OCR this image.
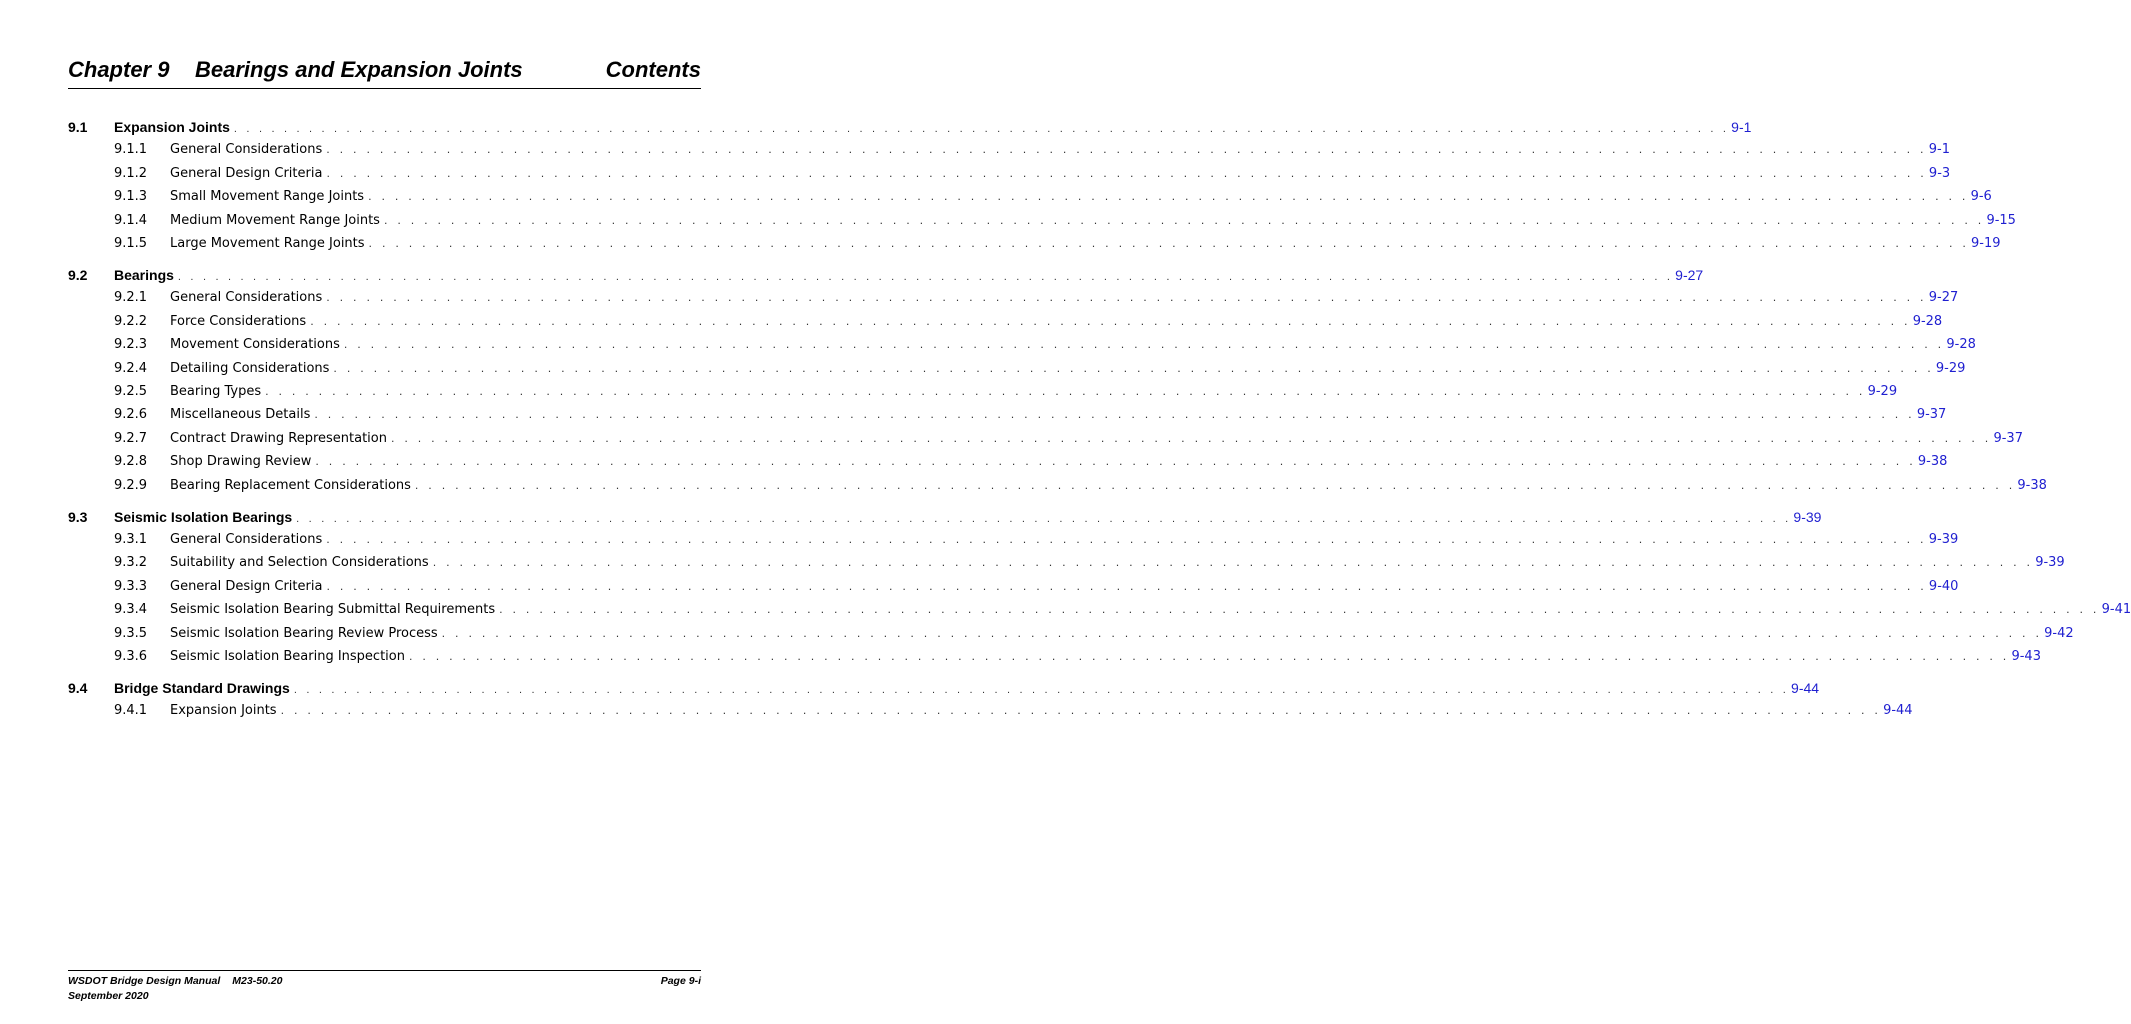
Chapter 9 Bearings and Expansion Joints	Contents
9.1 Expansion Joints . . . . . . . . . . . . . . . . . . . . . . . . . . . . . . . . . . . . . . . . . . . . . . . . . . . . . . . . . . . . . . . . . . . . . . . . . . . . . . . . . . . . . . . . . . . . . . . . . . . . . . . . . . . . . . . . . . . . . . . . 9-1
9.1.1 General Considerations . . . . . . . . . . . . . . . . . . . . . . . . . . . . . . . . . . . . . . . . . . . . . . . . . . . . . . . . . . . . . . . . . . . . . . . . . . . . . . . . . . . . . . . . . . . . . . . . . . . . . . . . . . . . . . . . . . . . . . . . 9-1
9.1.2 General Design Criteria . . . . . . . . . . . . . . . . . . . . . . . . . . . . . . . . . . . . . . . . . . . . . . . . . . . . . . . . . . . . . . . . . . . . . . . . . . . . . . . . . . . . . . . . . . . . . . . . . . . . . . . . . . . . . . . . . . . . . . . . 9-3
9.1.3 Small Movement Range Joints . . . . . . . . . . . . . . . . . . . . . . . . . . . . . . . . . . . . . . . . . . . . . . . . . . . . . . . . . . . . . . . . . . . . . . . . . . . . . . . . . . . . . . . . . . . . . . . . . . . . . . . . . . . . . . . . . . . . . . . . 9-6
9.1.4 Medium Movement Range Joints . . . . . . . . . . . . . . . . . . . . . . . . . . . . . . . . . . . . . . . . . . . . . . . . . . . . . . . . . . . . . . . . . . . . . . . . . . . . . . . . . . . . . . . . . . . . . . . . . . . . . . . . . . . . . . . . . . . . . . . . 9-15
9.1.5 Large Movement Range Joints . . . . . . . . . . . . . . . . . . . . . . . . . . . . . . . . . . . . . . . . . . . . . . . . . . . . . . . . . . . . . . . . . . . . . . . . . . . . . . . . . . . . . . . . . . . . . . . . . . . . . . . . . . . . . . . . . . . . . . . . 9-19
9.2 Bearings . . . . . . . . . . . . . . . . . . . . . . . . . . . . . . . . . . . . . . . . . . . . . . . . . . . . . . . . . . . . . . . . . . . . . . . . . . . . . . . . . . . . . . . . . . . . . . . . . . . . . . . . . . . . . . . . . . . . . . . . 9-27
9.2.1 General Considerations . . . . . . . . . . . . . . . . . . . . . . . . . . . . . . . . . . . . . . . . . . . . . . . . . . . . . . . . . . . . . . . . . . . . . . . . . . . . . . . . . . . . . . . . . . . . . . . . . . . . . . . . . . . . . . . . . . . . . . . . 9-27
9.2.2 Force Considerations . . . . . . . . . . . . . . . . . . . . . . . . . . . . . . . . . . . . . . . . . . . . . . . . . . . . . . . . . . . . . . . . . . . . . . . . . . . . . . . . . . . . . . . . . . . . . . . . . . . . . . . . . . . . . . . . . . . . . . . . 9-28
9.2.3 Movement Considerations . . . . . . . . . . . . . . . . . . . . . . . . . . . . . . . . . . . . . . . . . . . . . . . . . . . . . . . . . . . . . . . . . . . . . . . . . . . . . . . . . . . . . . . . . . . . . . . . . . . . . . . . . . . . . . . . . . . . . . . . 9-28
9.2.4 Detailing Considerations . . . . . . . . . . . . . . . . . . . . . . . . . . . . . . . . . . . . . . . . . . . . . . . . . . . . . . . . . . . . . . . . . . . . . . . . . . . . . . . . . . . . . . . . . . . . . . . . . . . . . . . . . . . . . . . . . . . . . . . . 9-29
9.2.5 Bearing Types . . . . . . . . . . . . . . . . . . . . . . . . . . . . . . . . . . . . . . . . . . . . . . . . . . . . . . . . . . . . . . . . . . . . . . . . . . . . . . . . . . . . . . . . . . . . . . . . . . . . . . . . . . . . . . . . . . . . . . . . 9-29
9.2.6 Miscellaneous Details . . . . . . . . . . . . . . . . . . . . . . . . . . . . . . . . . . . . . . . . . . . . . . . . . . . . . . . . . . . . . . . . . . . . . . . . . . . . . . . . . . . . . . . . . . . . . . . . . . . . . . . . . . . . . . . . . . . . . . . . 9-37
9.2.7 Contract Drawing Representation . . . . . . . . . . . . . . . . . . . . . . . . . . . . . . . . . . . . . . . . . . . . . . . . . . . . . . . . . . . . . . . . . . . . . . . . . . . . . . . . . . . . . . . . . . . . . . . . . . . . . . . . . . . . . . . . . . . . . . . . 9-37
9.2.8 Shop Drawing Review . . . . . . . . . . . . . . . . . . . . . . . . . . . . . . . . . . . . . . . . . . . . . . . . . . . . . . . . . . . . . . . . . . . . . . . . . . . . . . . . . . . . . . . . . . . . . . . . . . . . . . . . . . . . . . . . . . . . . . . . 9-38
9.2.9 Bearing Replacement Considerations . . . . . . . . . . . . . . . . . . . . . . . . . . . . . . . . . . . . . . . . . . . . . . . . . . . . . . . . . . . . . . . . . . . . . . . . . . . . . . . . . . . . . . . . . . . . . . . . . . . . . . . . . . . . . . . . . . . . . . . . 9-38
9.3 Seismic Isolation Bearings . . . . . . . . . . . . . . . . . . . . . . . . . . . . . . . . . . . . . . . . . . . . . . . . . . . . . . . . . . . . . . . . . . . . . . . . . . . . . . . . . . . . . . . . . . . . . . . . . . . . . . . . . . . . . . . . . . . . . . . . 9-39
9.3.1 General Considerations . . . . . . . . . . . . . . . . . . . . . . . . . . . . . . . . . . . . . . . . . . . . . . . . . . . . . . . . . . . . . . . . . . . . . . . . . . . . . . . . . . . . . . . . . . . . . . . . . . . . . . . . . . . . . . . . . . . . . . . . 9-39
9.3.2 Suitability and Selection Considerations . . . . . . . . . . . . . . . . . . . . . . . . . . . . . . . . . . . . . . . . . . . . . . . . . . . . . . . . . . . . . . . . . . . . . . . . . . . . . . . . . . . . . . . . . . . . . . . . . . . . . . . . . . . . . . . . . . . . . . . . 9-39
9.3.3 General Design Criteria . . . . . . . . . . . . . . . . . . . . . . . . . . . . . . . . . . . . . . . . . . . . . . . . . . . . . . . . . . . . . . . . . . . . . . . . . . . . . . . . . . . . . . . . . . . . . . . . . . . . . . . . . . . . . . . . . . . . . . . . 9-40
9.3.4 Seismic Isolation Bearing Submittal Requirements . . . . . . . . . . . . . . . . . . . . . . . . . . . . . . . . . . . . . . . . . . . . . . . . . . . . . . . . . . . . . . . . . . . . . . . . . . . . . . . . . . . . . . . . . . . . . . . . . . . . . . . . . . . . . . . . . . . . . . . . 9-41
9.3.5 Seismic Isolation Bearing Review Process . . . . . . . . . . . . . . . . . . . . . . . . . . . . . . . . . . . . . . . . . . . . . . . . . . . . . . . . . . . . . . . . . . . . . . . . . . . . . . . . . . . . . . . . . . . . . . . . . . . . . . . . . . . . . . . . . . . . . . . . 9-42
9.3.6 Seismic Isolation Bearing Inspection . . . . . . . . . . . . . . . . . . . . . . . . . . . . . . . . . . . . . . . . . . . . . . . . . . . . . . . . . . . . . . . . . . . . . . . . . . . . . . . . . . . . . . . . . . . . . . . . . . . . . . . . . . . . . . . . . . . . . . . . 9-43
9.4 Bridge Standard Drawings . . . . . . . . . . . . . . . . . . . . . . . . . . . . . . . . . . . . . . . . . . . . . . . . . . . . . . . . . . . . . . . . . . . . . . . . . . . . . . . . . . . . . . . . . . . . . . . . . . . . . . . . . . . . . . . . . . . . . . . . 9-44
9.4.1 Expansion Joints . . . . . . . . . . . . . . . . . . . . . . . . . . . . . . . . . . . . . . . . . . . . . . . . . . . . . . . . . . . . . . . . . . . . . . . . . . . . . . . . . . . . . . . . . . . . . . . . . . . . . . . . . . . . . . . . . . . . . . . . 9-44
WSDOT Bridge Design Manual M23-50.20
September 2020
Page 9-i
